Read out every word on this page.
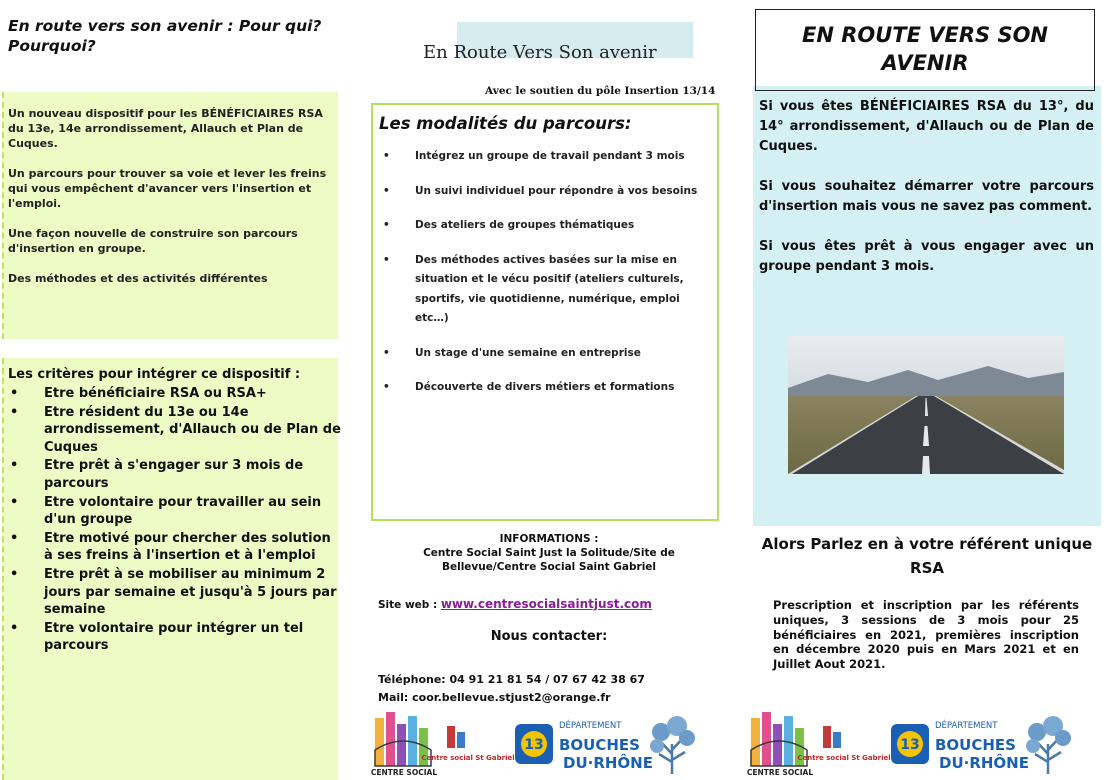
En route vers son avenir : Pour qui? Pourquoi?

Un nouveau dispositif pour les BÉNÉFICIAIRES RSA du 13e, 14e arrondissement, Allauch et Plan de Cuques.

Un parcours pour trouver sa voie et lever les freins qui vous empêchent d'avancer vers l'insertion et l'emploi.

Une façon nouvelle de construire son parcours d'insertion en groupe.

Des méthodes et des activités différentes

Les critères pour intégrer ce dispositif :
• Etre bénéficiaire RSA ou RSA+
• Etre résident du 13e ou 14e arrondissement, d'Allauch ou de Plan de Cuques
• Etre prêt à s'engager sur 3 mois de parcours
• Etre volontaire pour travailler au sein d'un groupe
• Etre motivé pour chercher des solution à ses freins à l'insertion et à l'emploi
• Etre prêt à se mobiliser au minimum 2 jours par semaine et jusqu'à 5 jours par semaine
• Etre volontaire pour intégrer un tel parcours
En Route Vers Son avenir
Avec le soutien du pôle Insertion 13/14
Les modalités du parcours:
• Intégrez un groupe de travail pendant 3 mois
• Un suivi individuel pour répondre à vos besoins
• Des ateliers de groupes thématiques
• Des méthodes actives basées sur la mise en situation et le vécu positif (ateliers culturels, sportifs, vie quotidienne, numérique, emploi etc…)
• Un stage d'une semaine en entreprise
• Découverte de divers métiers et formations
INFORMATIONS :
Centre Social Saint Just la Solitude/Site de Bellevue/Centre Social Saint Gabriel
Site web : www.centresocialsaintjust.com
Nous contacter:
Téléphone: 04 91 21 81 54 / 07 67 42 38 67
Mail: coor.bellevue.stjust2@orange.fr
CENTRE SOCIAL
Centre social St Gabriel
13
DÉPARTEMENT
BOUCHES
DU·RHÔNE
EN ROUTE VERS SON AVENIR

Si vous êtes BÉNÉFICIAIRES RSA du 13°, du 14° arrondissement, d'Allauch ou de Plan de Cuques.

Si vous souhaitez démarrer votre parcours d'insertion mais vous ne savez pas comment.

Si vous êtes prêt à vous engager avec un groupe pendant 3 mois.

Alors Parlez en à votre référent unique RSA
Prescription et inscription par les référents uniques, 3 sessions de 3 mois pour 25 bénéficiaires en 2021, premières inscription en décembre 2020 puis en Mars 2021 et en Juillet Aout 2021.
CENTRE SOCIAL
Centre social St Gabriel
13
DÉPARTEMENT
BOUCHES
DU·RHÔNE
